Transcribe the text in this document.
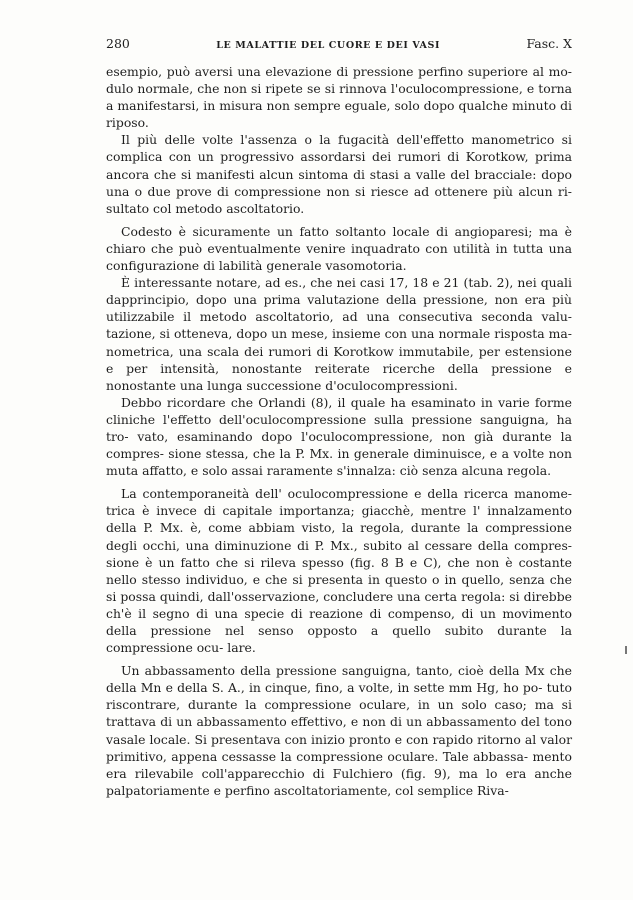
280	LE MALATTIE DEL CUORE E DEI VASI	Fasc. X

esempio, può aversi una elevazione di pressione perfino superiore al mo- dulo normale, che non si ripete se si rinnova l'oculocompressione, e torna a manifestarsi, in misura non sempre eguale, solo dopo qualche minuto di riposo.

Il più delle volte l'assenza o la fugacità dell'effetto manometrico si complica con un progressivo assordarsi dei rumori di Korotkow, prima ancora che si manifesti alcun sintoma di stasi a valle del bracciale: dopo una o due prove di compressione non si riesce ad ottenere più alcun ri- sultato col metodo ascoltatorio.

Codesto è sicuramente un fatto soltanto locale di angioparesi; ma è chiaro che può eventualmente venire inquadrato con utilità in tutta una configurazione di labilità generale vasomotoria.

È interessante notare, ad es., che nei casi 17, 18 e 21 (tab. 2), nei quali dapprincipio, dopo una prima valutazione della pressione, non era più utilizzabile il metodo ascoltatorio, ad una consecutiva seconda valu- tazione, si otteneva, dopo un mese, insieme con una normale risposta ma- nometrica, una scala dei rumori di Korotkow immutabile, per estensione e per intensità, nonostante reiterate ricerche della pressione e nonostante una lunga successione d'oculocompressioni.

Debbo ricordare che Orlandi (8), il quale ha esaminato in varie forme cliniche l'effetto dell'oculocompressione sulla pressione sanguigna, ha tro- vato, esaminando dopo l'oculocompressione, non già durante la compres- sione stessa, che la P. Mx. in generale diminuisce, e a volte non muta affatto, e solo assai raramente s'innalza: ciò senza alcuna regola.

La contemporaneità dell' oculocompressione e della ricerca manome- trica è invece di capitale importanza; giacchè, mentre l' innalzamento della P. Mx. è, come abbiam visto, la regola, durante la compressione degli occhi, una diminuzione di P. Mx., subito al cessare della compres- sione è un fatto che si rileva spesso (fig. 8 B e C), che non è costante nello stesso individuo, e che si presenta in questo o in quello, senza che si possa quindi, dall'osservazione, concludere una certa regola: si direbbe ch'è il segno di una specie di reazione di compenso, di un movimento della pressione nel senso opposto a quello subito durante la compressione ocu- lare.

Un abbassamento della pressione sanguigna, tanto, cioè della Mx che della Mn e della S. A., in cinque, fino, a volte, in sette mm Hg, ho po- tuto riscontrare, durante la compressione oculare, in un solo caso; ma si trattava di un abbassamento effettivo, e non di un abbassamento del tono vasale locale. Si presentava con inizio pronto e con rapido ritorno al valor primitivo, appena cessasse la compressione oculare. Tale abbassa- mento era rilevabile coll'apparecchio di Fulchiero (fig. 9), ma lo era anche palpatoriamente e perfino ascoltatoriamente, col semplice Riva-
